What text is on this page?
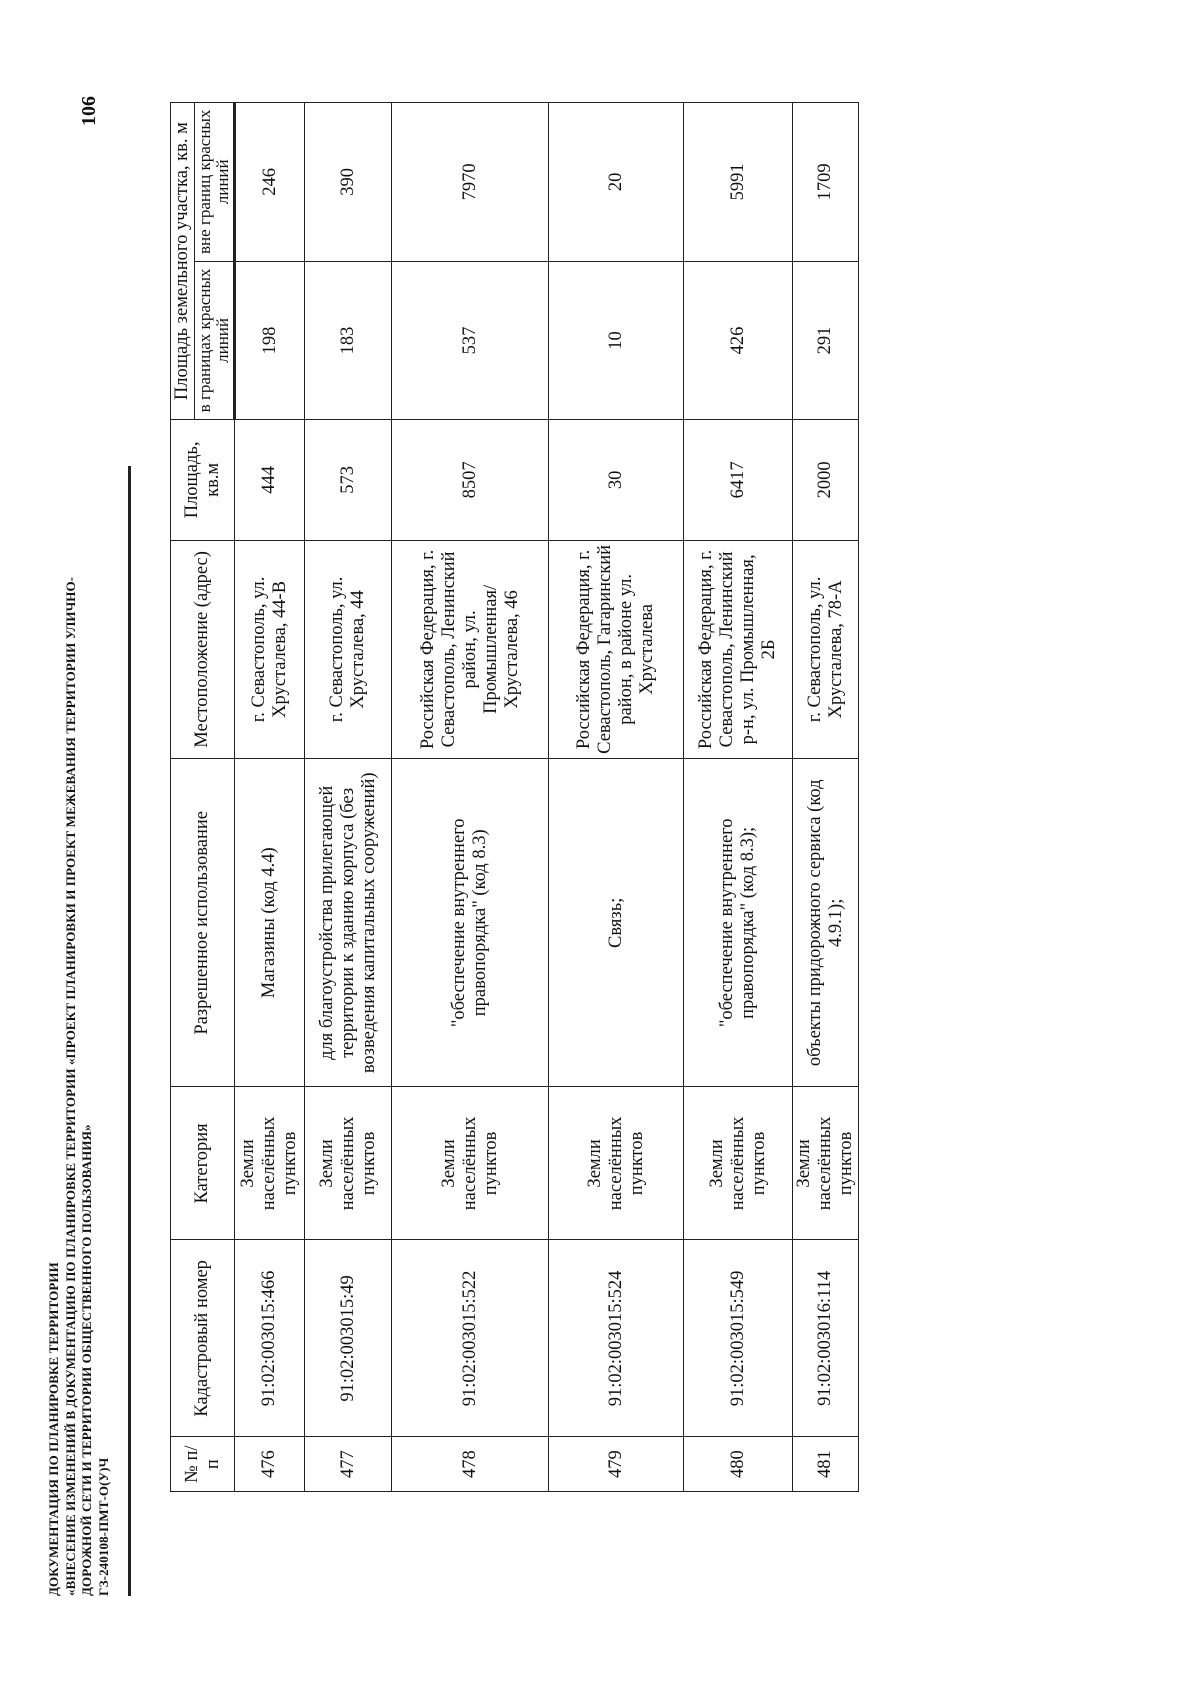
ДОКУМЕНТАЦИЯ ПО ПЛАНИРОВКЕ ТЕРРИТОРИИ «ВНЕСЕНИЕ ИЗМЕНЕНИЙ В ДОКУМЕНТАЦИЮ ПО ПЛАНИРОВКЕ ТЕРРИТОРИИ «ПРОЕКТ ПЛАНИРОВКИ И ПРОЕКТ МЕЖЕВАНИЯ ТЕРРИТОРИИ УЛИЧНО- ДОРОЖНОЙ СЕТИ И ТЕРРИТОРИИ ОБЩЕСТВЕННОГО ПОЛЬЗОВАНИЯ» ГЗ-240108-ПМТ-О(У)Ч
106
№ п/п	Кадастровый номер	Категория	Разрешенное использование	Местоположение (адрес)	Площадь, кв.м	Площадь земельного участка, кв. м	
						в границах красных линий	вне границ красных линий
476	91:02:003015:466	Земли населённых пунктов	Магазины (код 4.4)	г. Севастополь, ул. Хрусталева, 44-В	444	198	246
477	91:02:003015:49	Земли населённых пунктов	для благоустройства прилегающей территории к зданию корпуса (без возведения капитальных сооружений)	г. Севастополь, ул. Хрусталева, 44	573	183	390
478	91:02:003015:522	Земли населённых пунктов	"обеспечение внутреннего правопорядка" (код 8.3)	Российская Федерация, г. Севастополь, Ленинский район, ул. Промышленная/Хрусталева, 46	8507	537	7970
479	91:02:003015:524	Земли населённых пунктов	Связь;	Российская Федерация, г. Севастополь, Гагаринский район, в районе ул. Хрусталева	30	10	20
480	91:02:003015:549	Земли населённых пунктов	"обеспечение внутреннего правопорядка" (код 8.3);	Российская Федерация, г. Севастополь, Ленинский р-н, ул. Промышленная, 2Б	6417	426	5991
481	91:02:003016:114	Земли населённых пунктов	объекты придорожного сервиса (код 4.9.1);	г. Севастополь, ул. Хрусталева, 78-А	2000	291	1709
